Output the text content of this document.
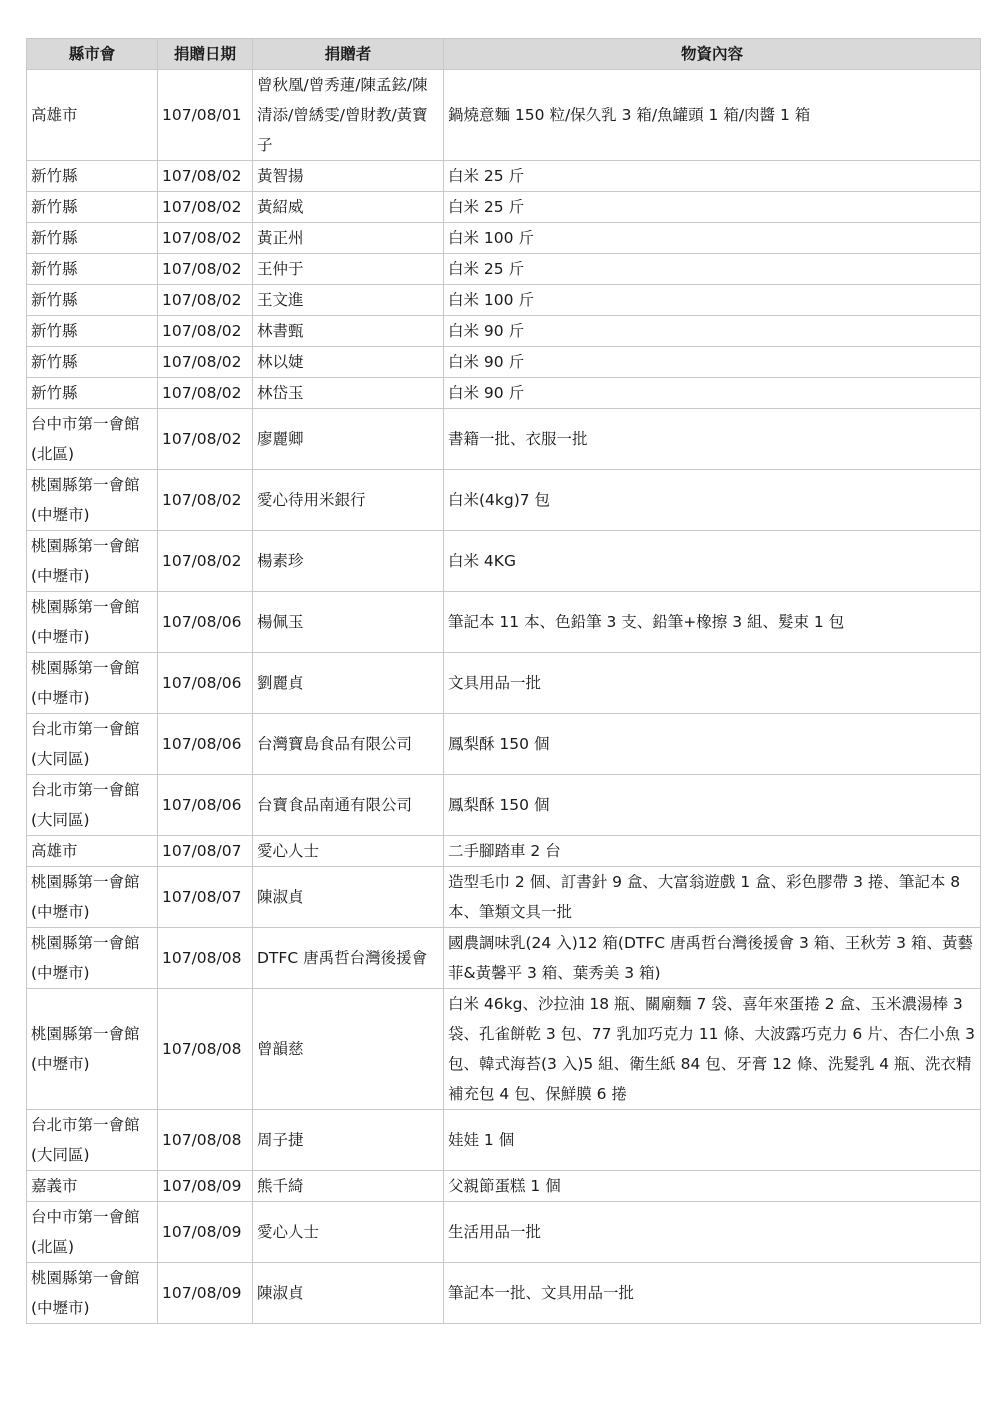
縣市會	捐贈日期	捐贈者	物資內容
高雄市	107/08/01	曾秋凰/曾秀蓮/陳孟鉉/陳清添/曾綉雯/曾財教/黃寶子	鍋燒意麵 150 粒/保久乳 3 箱/魚罐頭 1 箱/肉醬 1 箱
新竹縣	107/08/02	黃智揚	白米 25 斤
新竹縣	107/08/02	黃紹威	白米 25 斤
新竹縣	107/08/02	黃正州	白米 100 斤
新竹縣	107/08/02	王仲于	白米 25 斤
新竹縣	107/08/02	王文進	白米 100 斤
新竹縣	107/08/02	林書甄	白米 90 斤
新竹縣	107/08/02	林以婕	白米 90 斤
新竹縣	107/08/02	林岱玉	白米 90 斤
台中市第一會館(北區)	107/08/02	廖麗卿	書籍一批、衣服一批
桃園縣第一會館(中壢市)	107/08/02	愛心待用米銀行	白米(4kg)7 包
桃園縣第一會館(中壢市)	107/08/02	楊素珍	白米 4KG
桃園縣第一會館(中壢市)	107/08/06	楊佩玉	筆記本 11 本、色鉛筆 3 支、鉛筆+橡擦 3 組、髮束 1 包
桃園縣第一會館(中壢市)	107/08/06	劉麗貞	文具用品一批
台北市第一會館(大同區)	107/08/06	台灣寶島食品有限公司	鳳梨酥 150 個
台北市第一會館(大同區)	107/08/06	台寶食品南通有限公司	鳳梨酥 150 個
高雄市	107/08/07	愛心人士	二手腳踏車 2 台
桃園縣第一會館(中壢市)	107/08/07	陳淑貞	造型毛巾 2 個、訂書針 9 盒、大富翁遊戲 1 盒、彩色膠帶 3 捲、筆記本 8 本、筆類文具一批
桃園縣第一會館(中壢市)	107/08/08	DTFC 唐禹哲台灣後援會	國農調味乳(24 入)12 箱(DTFC 唐禹哲台灣後援會 3 箱、王秋芳 3 箱、黃藝菲&黃馨平 3 箱、葉秀美 3 箱)
桃園縣第一會館(中壢市)	107/08/08	曾韻慈	白米 46kg、沙拉油 18 瓶、關廟麵 7 袋、喜年來蛋捲 2 盒、玉米濃湯棒 3 袋、孔雀餅乾 3 包、77 乳加巧克力 11 條、大波露巧克力 6 片、杏仁小魚 3 包、韓式海苔(3 入)5 組、衛生紙 84 包、牙膏 12 條、洗髮乳 4 瓶、洗衣精補充包 4 包、保鮮膜 6 捲
台北市第一會館(大同區)	107/08/08	周子捷	娃娃 1 個
嘉義市	107/08/09	熊千綺	父親節蛋糕 1 個
台中市第一會館(北區)	107/08/09	愛心人士	生活用品一批
桃園縣第一會館(中壢市)	107/08/09	陳淑貞	筆記本一批、文具用品一批
